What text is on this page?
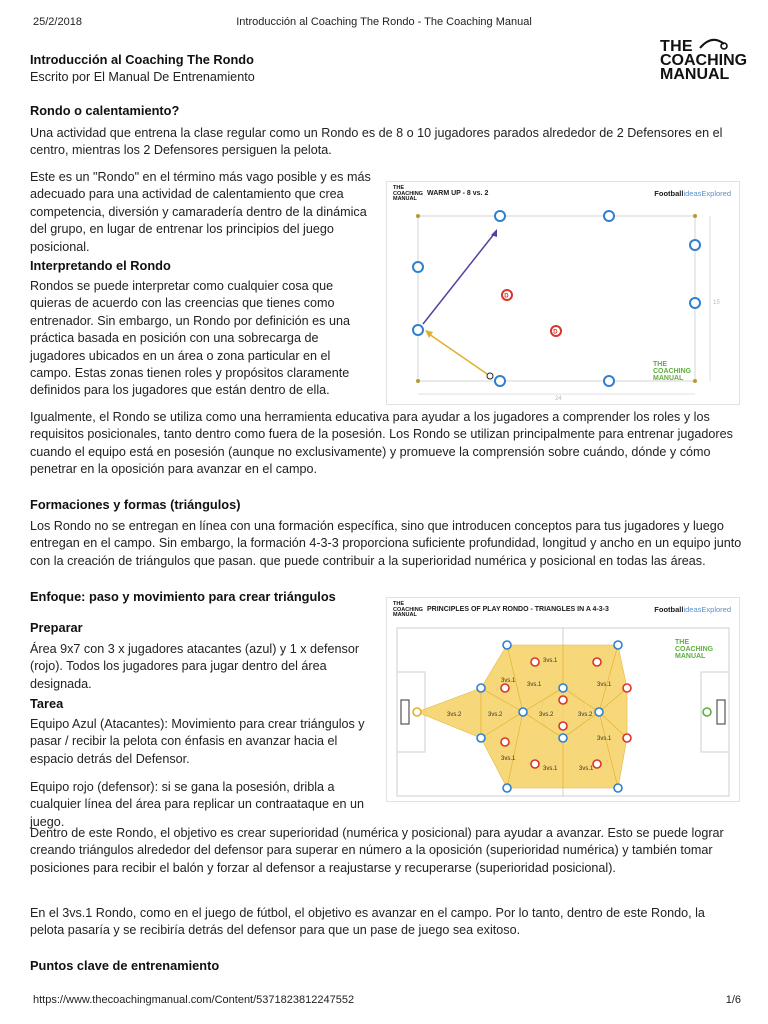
25/2/2018	Introducción al Coaching The Rondo - The Coaching Manual
THE
COACHING
MANUAL
Introducción al Coaching The Rondo
Escrito por El Manual De Entrenamiento
Rondo o calentamiento?
Una actividad que entrena la clase regular como un Rondo es de 8 o 10 jugadores parados alrededor de 2 Defensores en el centro, mientras los 2 Defensores persiguen la pelota.
Este es un "Rondo" en el término más vago posible y es más adecuado para una actividad de calentamiento que crea competencia, diversión y camaradería dentro de la dinámica del grupo, en lugar de entrenar los principios del juego posicional.
Interpretando el Rondo
Rondos se puede interpretar como cualquier cosa que quieras de acuerdo con las creencias que tienes como entrenador. Sin embargo, un Rondo por definición es una práctica basada en posición con una sobrecarga de jugadores ubicados en un área o zona particular en el campo. Estas zonas tienen roles y propósitos claramente definidos para los jugadores que están dentro de ella.
THE COACHING MANUAL
WARM UP - 8 vs. 2	FootballideasExplored
24
15
D
D
THE
COACHING
MANUAL
Igualmente, el Rondo se utiliza como una herramienta educativa para ayudar a los jugadores a comprender los roles y los requisitos posicionales, tanto dentro como fuera de la posesión. Los Rondo se utilizan principalmente para entrenar jugadores cuando el equipo está en posesión (aunque no exclusivamente) y promueve la comprensión sobre cuándo, dónde y cómo penetrar en la oposición para avanzar en el campo.
Formaciones y formas (triángulos)
Los Rondo no se entregan en línea con una formación específica, sino que introducen conceptos para tus jugadores y luego entregan en el campo. Sin embargo, la formación 4-3-3 proporciona suficiente profundidad, longitud y ancho en un equipo junto con la creación de triángulos que pasan. que puede contribuir a la superioridad numérica y posicional en todas las áreas.
Enfoque: paso y movimiento para crear triángulos
Preparar
Área 9x7 con 3 x jugadores atacantes (azul) y 1 x defensor (rojo). Todos los jugadores para jugar dentro del área designada.
Tarea
Equipo Azul (Atacantes): Movimiento para crear triángulos y pasar / recibir la pelota con énfasis en avanzar hacia el espacio detrás del Defensor.
Equipo rojo (defensor): si se gana la posesión, dribla a cualquier línea del área para replicar un contraataque en un juego.
THE COACHING MANUAL
PRINCIPLES OF PLAY RONDO - TRIANGLES IN A 4-3-3	FootballideasExplored
3vs.1
3vs.1
3vs.2	3vs.2
3vs.1
3vs.2	3vs.2
3vs.1
3vs.1
3vs.1	3vs.1
3vs.1
THE
COACHING
MANUAL
Dentro de este Rondo, el objetivo es crear superioridad (numérica y posicional) para ayudar a avanzar. Esto se puede lograr creando triángulos alrededor del defensor para superar en número a la oposición (superioridad numérica) y también tomar posiciones para recibir el balón y forzar al defensor a reajustarse y recuperarse (superioridad posicional).
En el 3vs.1 Rondo, como en el juego de fútbol, el objetivo es avanzar en el campo. Por lo tanto, dentro de este Rondo, la pelota pasaría y se recibiría detrás del defensor para que un pase de juego sea exitoso.
Puntos clave de entrenamiento
https://www.thecoachingmanual.com/Content/5371823812247552	1/6
